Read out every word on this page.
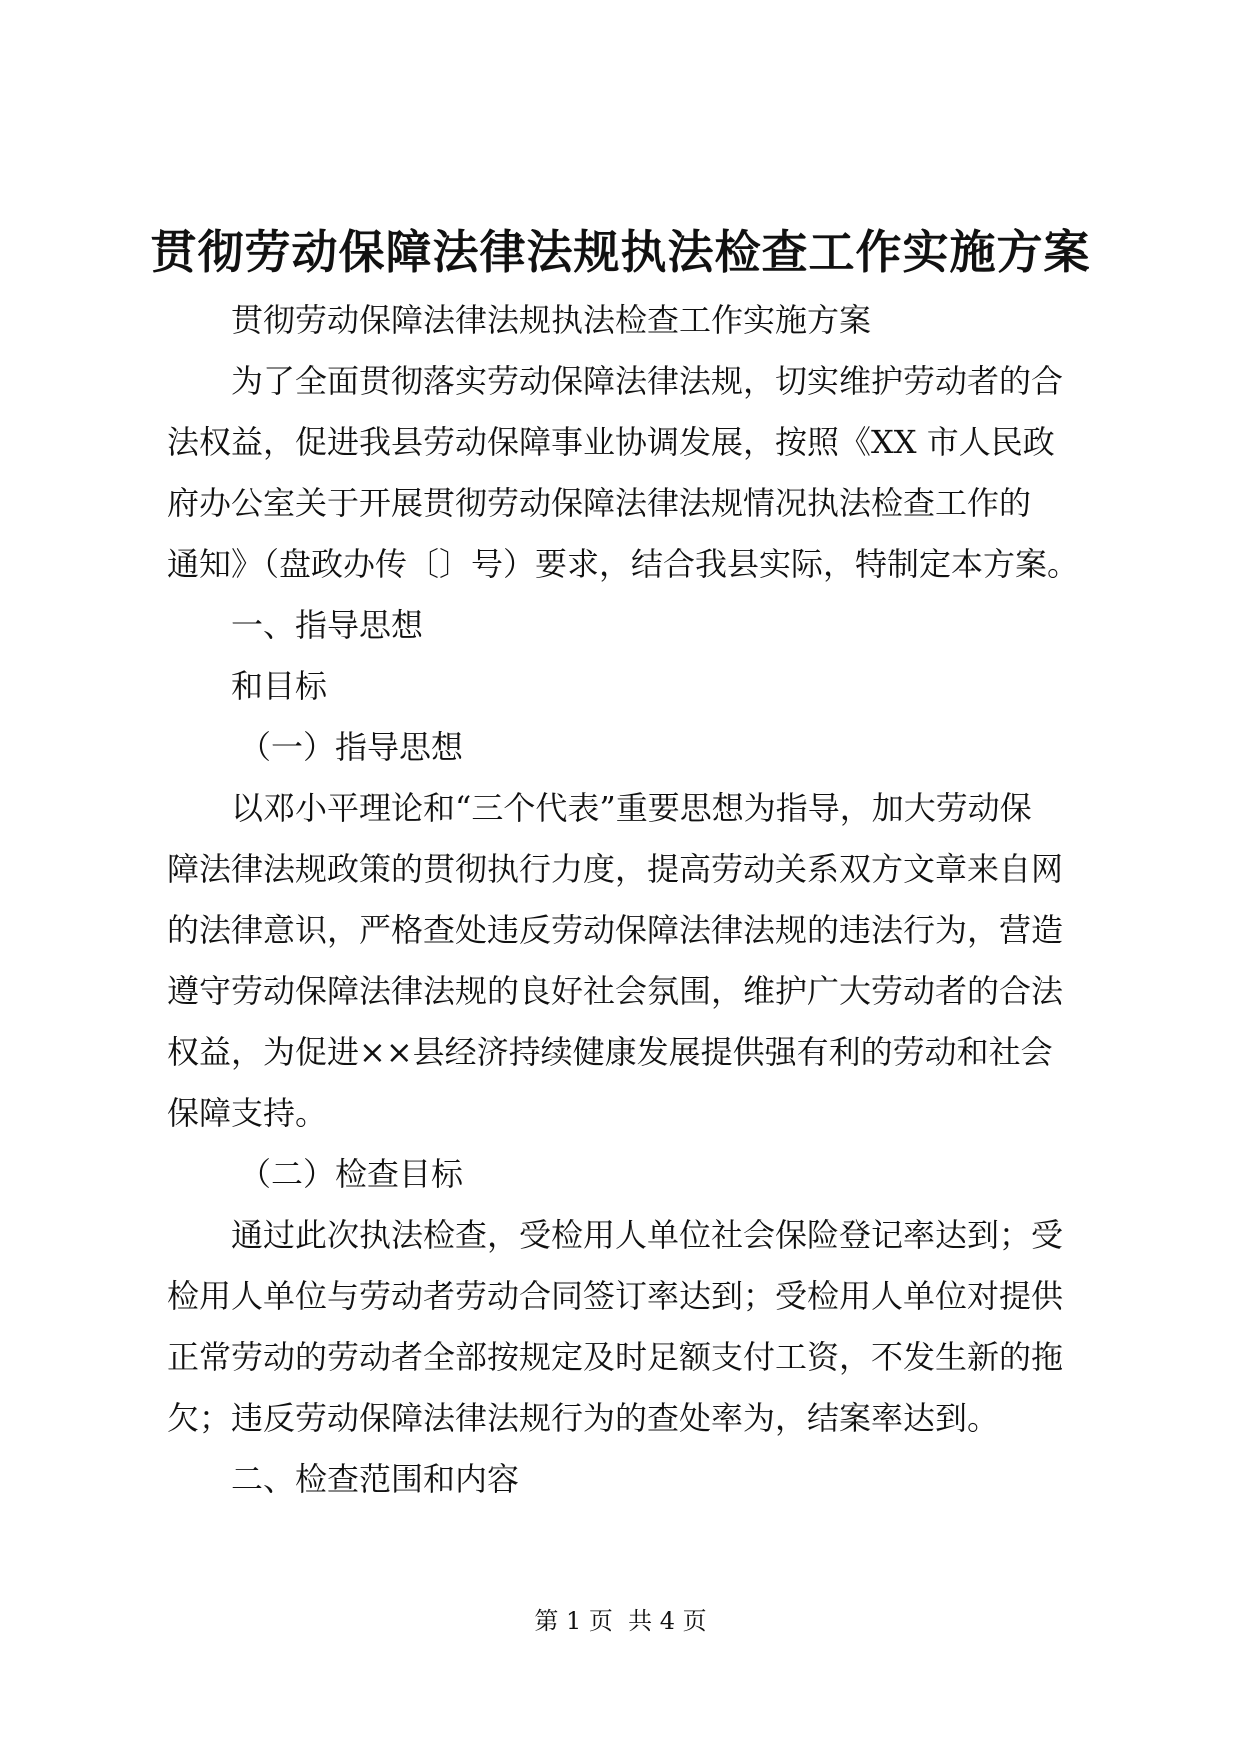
贯彻劳动保障法律法规执法检查工作实施方案

贯彻劳动保障法律法规执法检查工作实施方案

为了全面贯彻落实劳动保障法律法规，切实维护劳动者的合

法权益，促进我县劳动保障事业协调发展，按照《XX 市人民政

府办公室关于开展贯彻劳动保障法律法规情况执法检查工作的

通知》（盘政办传〔〕号）要求，结合我县实际，特制定本方案。

一、指导思想

和目标

（一）指导思想

以邓小平理论和“三个代表”重要思想为指导，加大劳动保

障法律法规政策的贯彻执行力度，提高劳动关系双方文章来自网

的法律意识，严格查处违反劳动保障法律法规的违法行为，营造

遵守劳动保障法律法规的良好社会氛围，维护广大劳动者的合法

权益，为促进××县经济持续健康发展提供强有利的劳动和社会

保障支持。

（二）检查目标

通过此次执法检查，受检用人单位社会保险登记率达到；受

检用人单位与劳动者劳动合同签订率达到；受检用人单位对提供

正常劳动的劳动者全部按规定及时足额支付工资，不发生新的拖

欠；违反劳动保障法律法规行为的查处率为，结案率达到。

二、检查范围和内容

第 1 页  共 4 页
